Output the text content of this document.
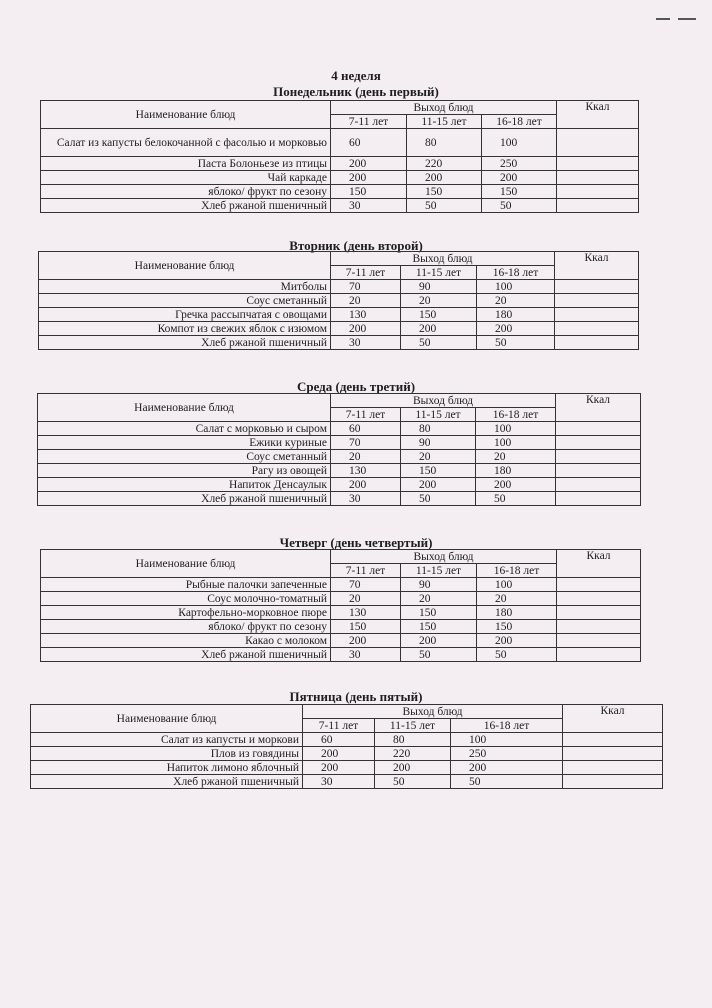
4 неделя
Понедельник (день первый)
Наименование блюд	Выход блюд			Ккал
	7-11 лет	11-15 лет	16-18 лет	
Салат из капусты белокочанной с фасолью и морковью	60	80	100	
Паста Болоньезе из птицы	200	220	250	
Чай каркаде	200	200	200	
яблоко/ фрукт по сезону	150	150	150	
Хлеб ржаной пшеничный	30	50	50	
Вторник (день второй)
Наименование блюд	Выход блюд			Ккал
	7-11 лет	11-15 лет	16-18 лет	
Митболы	70	90	100	
Соус сметанный	20	20	20	
Гречка рассыпчатая с овощами	130	150	180	
Компот из свежих яблок с изюмом	200	200	200	
Хлеб ржаной пшеничный	30	50	50	
Среда (день третий)
Наименование блюд	Выход блюд			Ккал
	7-11 лет	11-15 лет	16-18 лет	
Салат с морковью и сыром	60	80	100	
Ежики куриные	70	90	100	
Соус сметанный	20	20	20	
Рагу из овощей	130	150	180	
Напиток Денсаулык	200	200	200	
Хлеб ржаной пшеничный	30	50	50	
Четверг (день четвертый)
Наименование блюд	Выход блюд			Ккал
	7-11 лет	11-15 лет	16-18 лет	
Рыбные палочки запеченные	70	90	100	
Соус молочно-томатный	20	20	20	
Картофельно-морковное пюре	130	150	180	
яблоко/ фрукт по сезону	150	150	150	
Какао с молоком	200	200	200	
Хлеб ржаной пшеничный	30	50	50	
Пятница (день пятый)
Наименование блюд	Выход блюд			Ккал
	7-11 лет	11-15 лет	16-18 лет	
Салат из капусты и моркови	60	80	100	
Плов из говядины	200	220	250	
Напиток лимоно яблочный	200	200	200	
Хлеб ржаной пшеничный	30	50	50	
